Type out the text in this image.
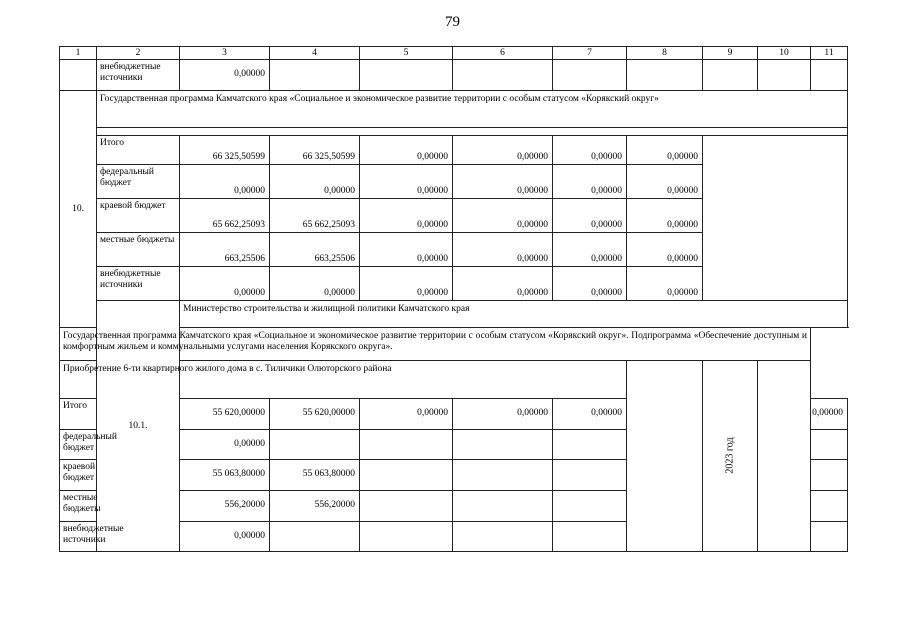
79
1	2	3	4	5	6	7	8	9	10	11
	внебюджетные источники	0,00000								
10.	Государственная программа Камчатского края «Социальное и экономическое развитие территории с особым статусом «Корякский округ»									

	Итого	66 325,50599	66 325,50599	0,00000	0,00000	0,00000	0,00000			
	федеральный бюджет	0,00000	0,00000	0,00000	0,00000	0,00000	0,00000			
	краевой бюджет	65 662,25093	65 662,25093	0,00000	0,00000	0,00000	0,00000			
	местные бюджеты	663,25506	663,25506	0,00000	0,00000	0,00000	0,00000			
	внебюджетные источники	0,00000	0,00000	0,00000	0,00000	0,00000	0,00000			
	10.1.	Министерство строительства и жилищной политики Камчатского края								
Государственная программа Камчатского края «Социальное и экономическое развитие территории с особым статусом «Корякский округ». Подпрограмма «Обеспечение доступным и комфортным жильем и коммунальными услугами населения Корякского округа».										
Приобретение 6-ти квартирного жилого дома в с. Тиличики Олюторского района								2023 год		
Итого		55 620,00000	55 620,00000	0,00000	0,00000	0,00000				0,00000
федеральный бюджет		0,00000								
краевой бюджет		55 063,80000	55 063,80000							
местные бюджеты		556,20000	556,20000							
внебюджетные источники		0,00000								
